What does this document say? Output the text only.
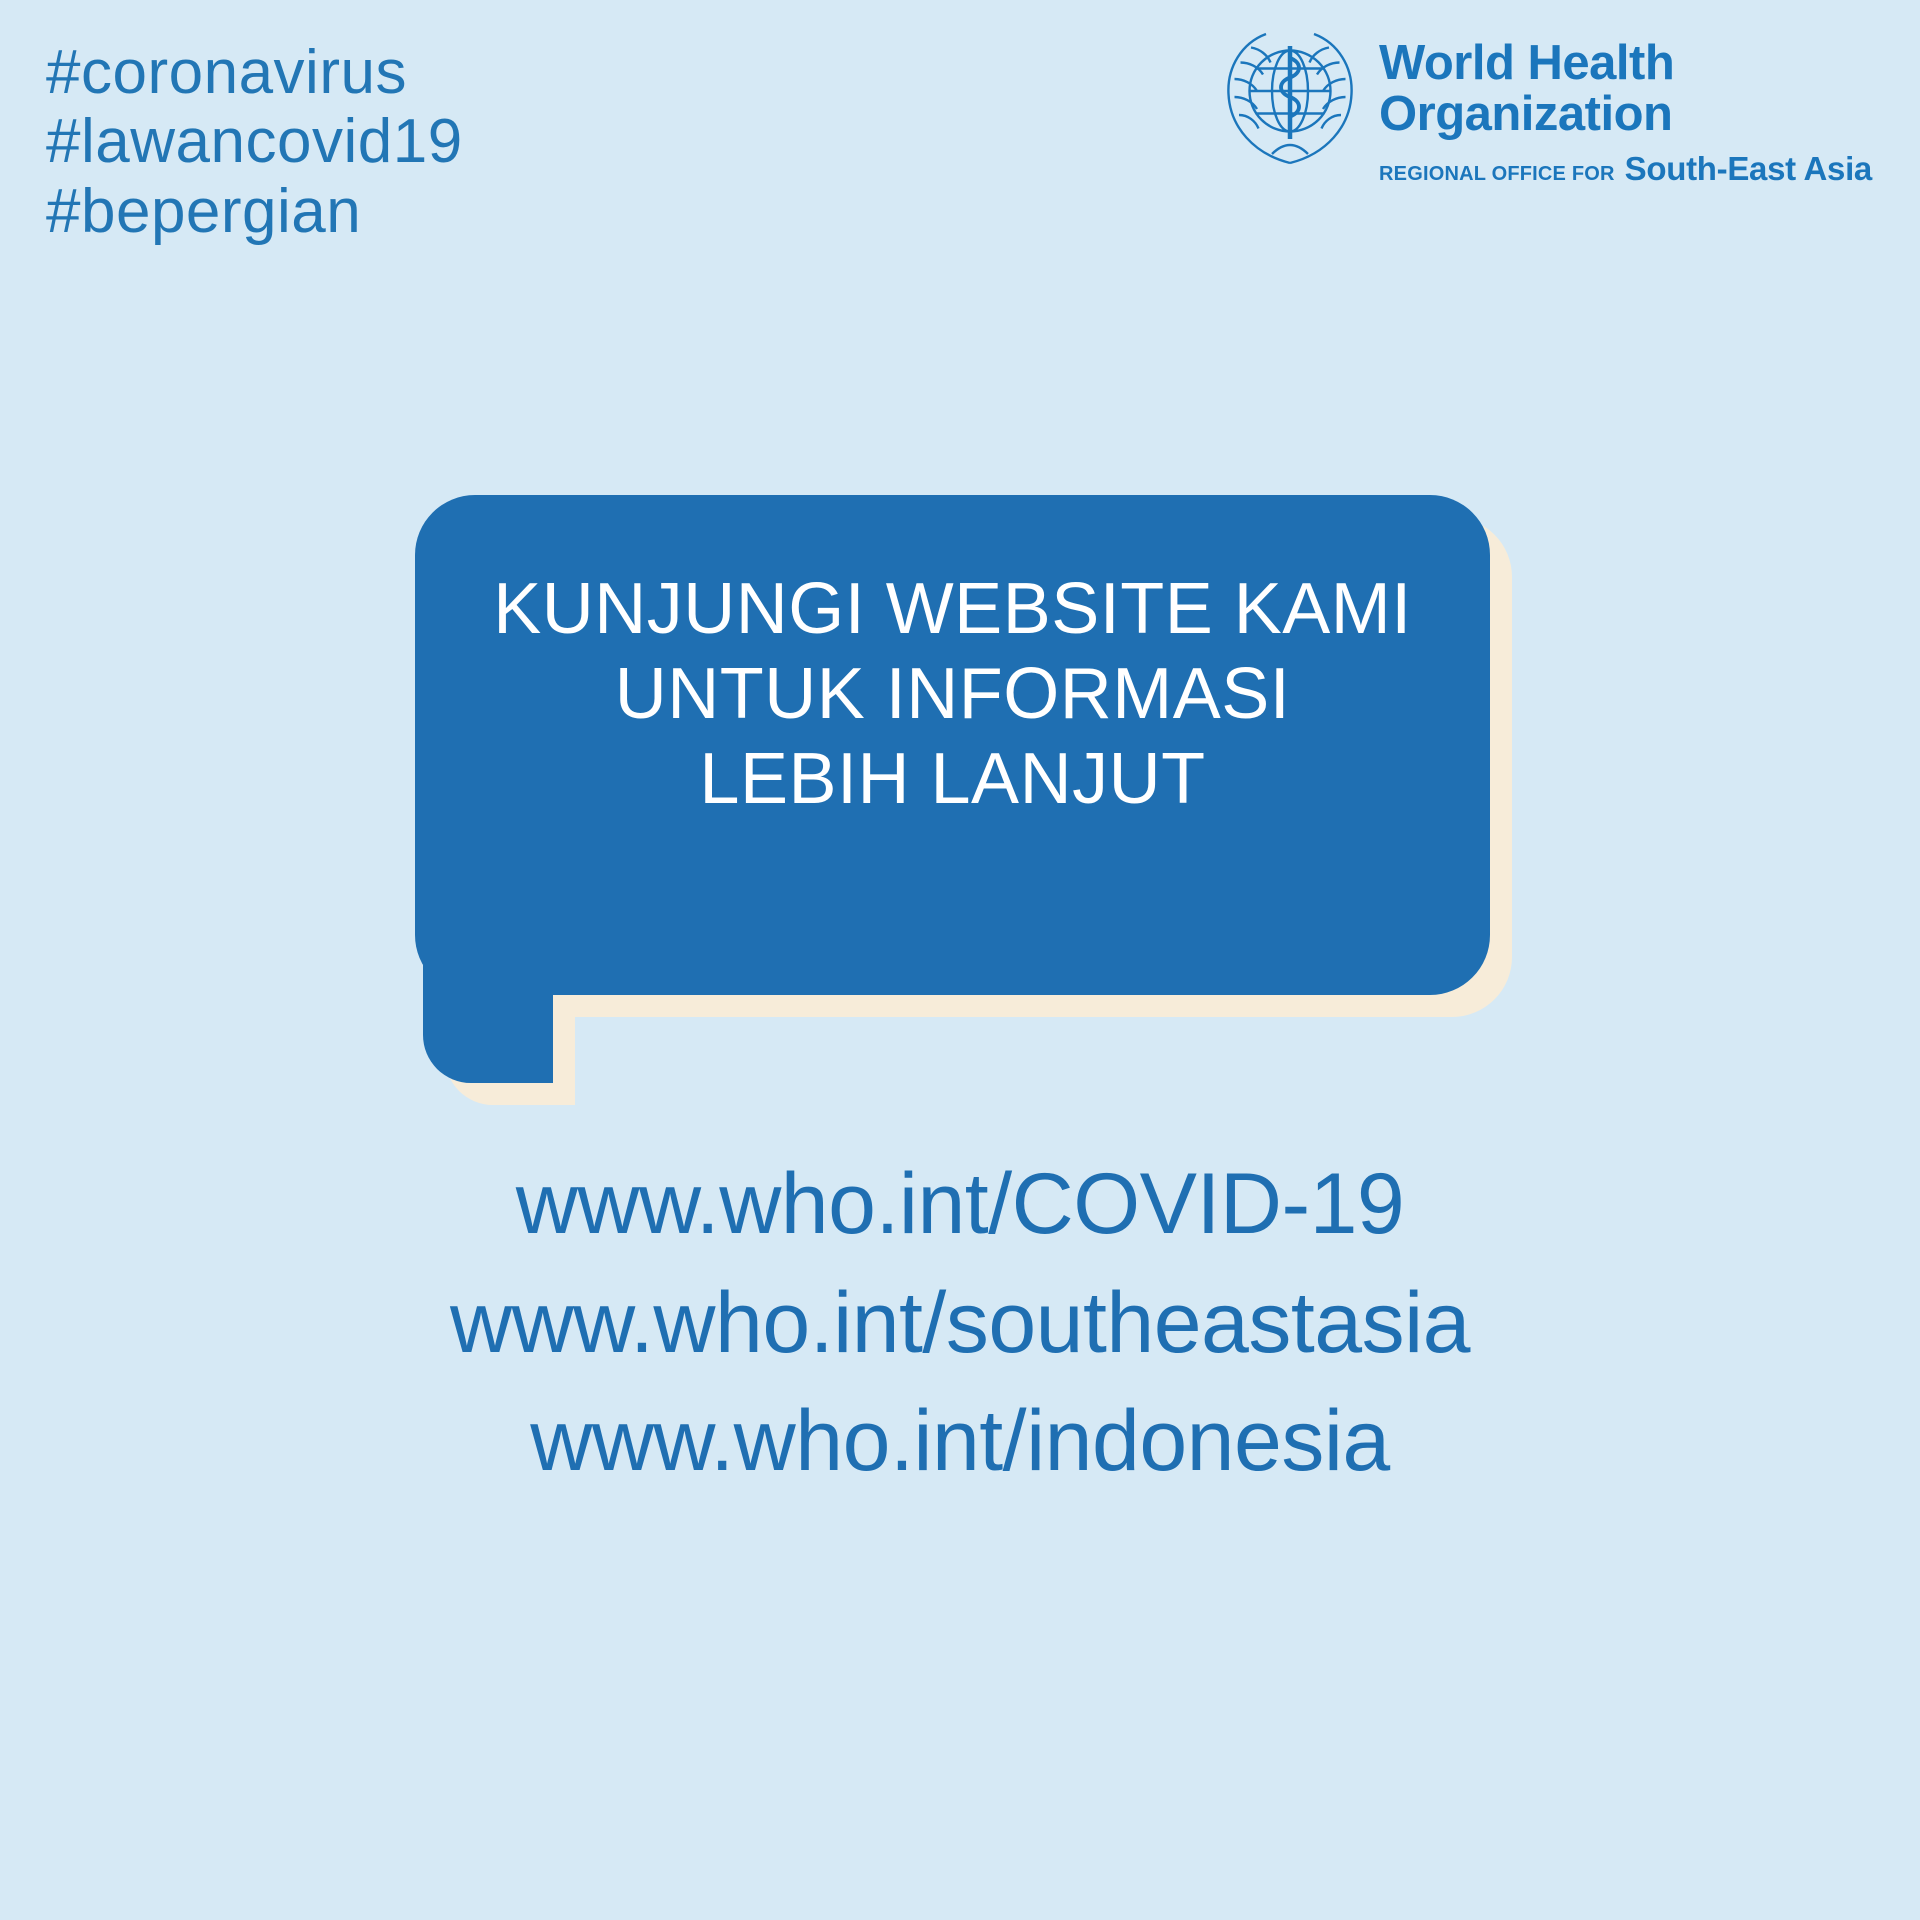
#coronavirus
#lawancovid19
#bepergian
World Health
Organization
REGIONAL OFFICE FOR South-East Asia
KUNJUNGI WEBSITE KAMI
UNTUK INFORMASI
LEBIH LANJUT
www.who.int/COVID-19
www.who.int/southeastasia
www.who.int/indonesia
